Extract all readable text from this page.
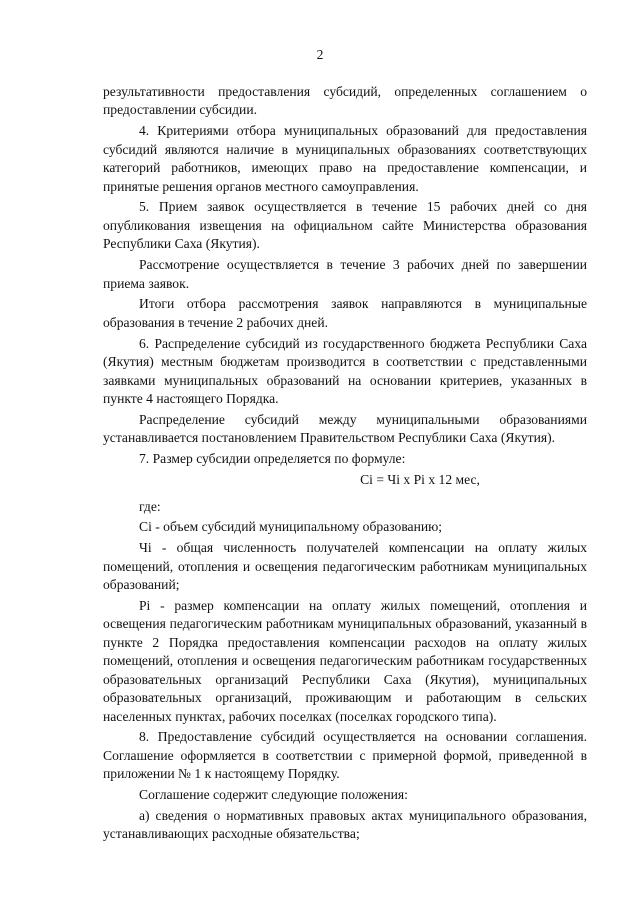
2

результативности предоставления субсидий, определенных соглашением о предоставлении субсидии.

4. Критериями отбора муниципальных образований для предоставления субсидий являются наличие в муниципальных образованиях соответствующих категорий работников, имеющих право на предоставление компенсации, и принятые решения органов местного самоуправления.

5. Прием заявок осуществляется в течение 15 рабочих дней со дня опубликования извещения на официальном сайте Министерства образования Республики Саха (Якутия).

Рассмотрение осуществляется в течение 3 рабочих дней по завершении приема заявок.

Итоги отбора рассмотрения заявок направляются в муниципальные образования в течение 2 рабочих дней.

6. Распределение субсидий из государственного бюджета Республики Саха (Якутия) местным бюджетам производится в соответствии с представленными заявками муниципальных образований на основании критериев, указанных в пункте 4 настоящего Порядка.

Распределение субсидий между муниципальными образованиями устанавливается постановлением Правительством Республики Саха (Якутия).

7. Размер субсидии определяется по формуле:

Сi = Чi х Рi х 12 мес,

где:

Сi - объем субсидий муниципальному образованию;

Чi - общая численность получателей компенсации на оплату жилых помещений, отопления и освещения педагогическим работникам муниципальных образований;

Рi - размер компенсации на оплату жилых помещений, отопления и освещения педагогическим работникам муниципальных образований, указанный в пункте 2 Порядка предоставления компенсации расходов на оплату жилых помещений, отопления и освещения педагогическим работникам государственных образовательных организаций Республики Саха (Якутия), муниципальных образовательных организаций, проживающим и работающим в сельских населенных пунктах, рабочих поселках (поселках городского типа).

8. Предоставление субсидий осуществляется на основании соглашения. Соглашение оформляется в соответствии с примерной формой, приведенной в приложении № 1 к настоящему Порядку.

Соглашение содержит следующие положения:

а) сведения о нормативных правовых актах муниципального образования, устанавливающих расходные обязательства;
